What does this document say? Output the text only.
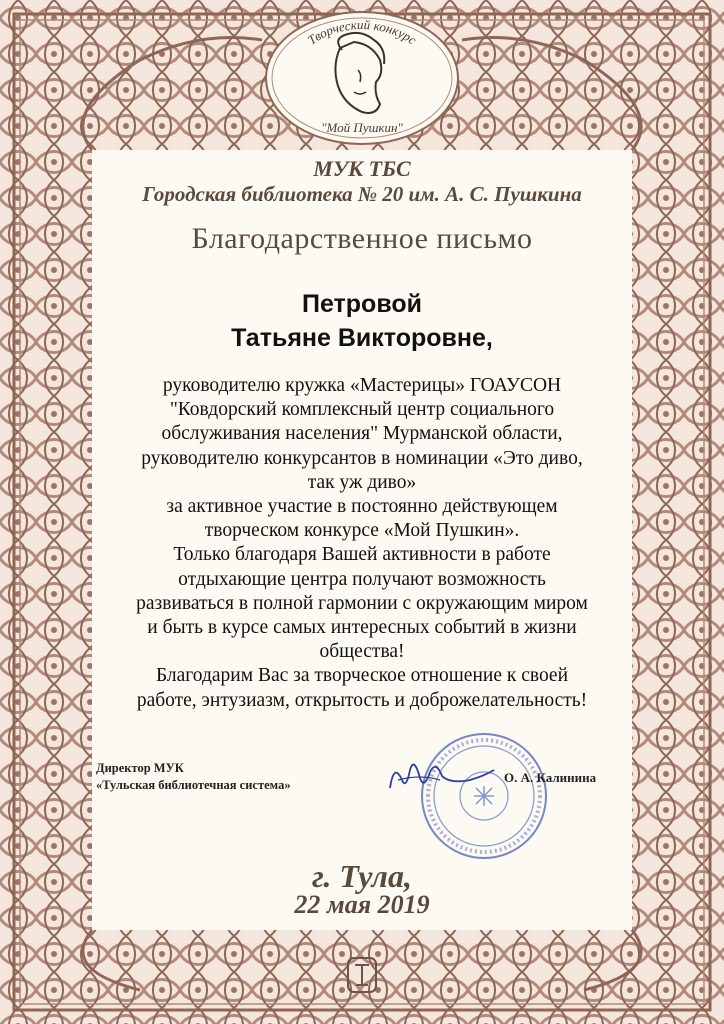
Творческий конкурс
"Мой Пушкин"
МУК ТБС
Городская библиотека № 20 им. А. С. Пушкина
Благодарственное письмо
Петровой
Татьяне Викторовне,
руководителю кружка «Мастерицы» ГОАУСОН
"Ковдорский комплексный центр социального
обслуживания населения" Мурманской области,
руководителю конкурсантов в номинации «Это диво,
так уж диво»
за активное участие в постоянно действующем
творческом конкурсе «Мой Пушкин».
Только благодаря Вашей активности в работе
отдыхающие центра получают возможность
развиваться в полной гармонии с окружающим миром
и быть в курсе самых интересных событий в жизни
общества!
Благодарим Вас за творческое отношение к своей
работе, энтузиазм, открытость и доброжелательность!
Директор МУК
«Тульская библиотечная система»	О. А. Калинина
г. Тула,
22 мая 2019
